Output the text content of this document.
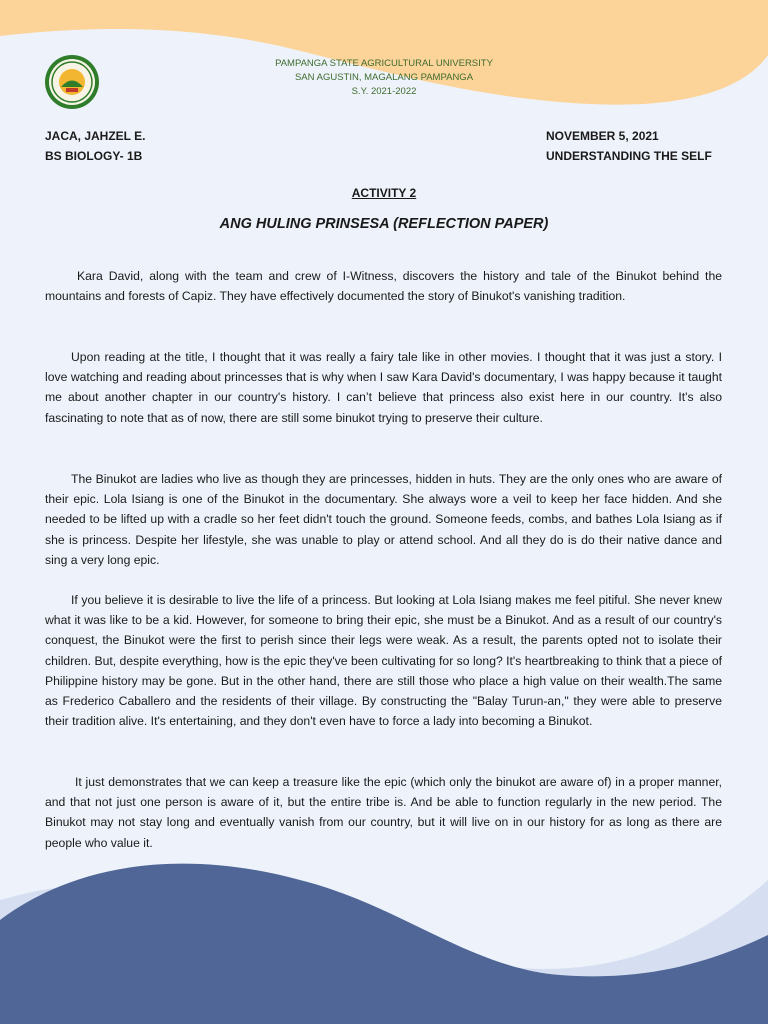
PAMPANGA STATE AGRICULTURAL UNIVERSITY
SAN AGUSTIN, MAGALANG PAMPANGA
S.Y. 2021-2022
JACA, JAHZEL E.
BS BIOLOGY- 1B
NOVEMBER 5, 2021
UNDERSTANDING THE SELF
ACTIVITY 2
ANG HULING PRINSESA (REFLECTION PAPER)

Kara David, along with the team and crew of I-Witness, discovers the history and tale of the Binukot behind the mountains and forests of Capiz. They have effectively documented the story of Binukot's vanishing tradition.

Upon reading at the title, I thought that it was really a fairy tale like in other movies. I thought that it was just a story. I love watching and reading about princesses that is why when I saw Kara David's documentary, I was happy because it taught me about another chapter in our country's history. I can’t believe that princess also exist here in our country. It's also fascinating to note that as of now, there are still some binukot trying to preserve their culture.

The Binukot are ladies who live as though they are princesses, hidden in huts. They are the only ones who are aware of their epic. Lola Isiang is one of the Binukot in the documentary. She always wore a veil to keep her face hidden. And she needed to be lifted up with a cradle so her feet didn't touch the ground. Someone feeds, combs, and bathes Lola Isiang as if she is princess. Despite her lifestyle, she was unable to play or attend school. And all they do is do their native dance and sing a very long epic.

If you believe it is desirable to live the life of a princess. But looking at Lola Isiang makes me feel pitiful. She never knew what it was like to be a kid. However, for someone to bring their epic, she must be a Binukot. And as a result of our country's conquest, the Binukot were the first to perish since their legs were weak. As a result, the parents opted not to isolate their children. But, despite everything, how is the epic they've been cultivating for so long? It's heartbreaking to think that a piece of Philippine history may be gone. But in the other hand, there are still those who place a high value on their wealth.The same as Frederico Caballero and the residents of their village. By constructing the "Balay Turun-an," they were able to preserve their tradition alive. It's entertaining, and they don't even have to force a lady into becoming a Binukot.

It just demonstrates that we can keep a treasure like the epic (which only the binukot are aware of) in a proper manner, and that not just one person is aware of it, but the entire tribe is. And be able to function regularly in the new period. The Binukot may not stay long and eventually vanish from our country, but it will live on in our history for as long as there are people who value it.
